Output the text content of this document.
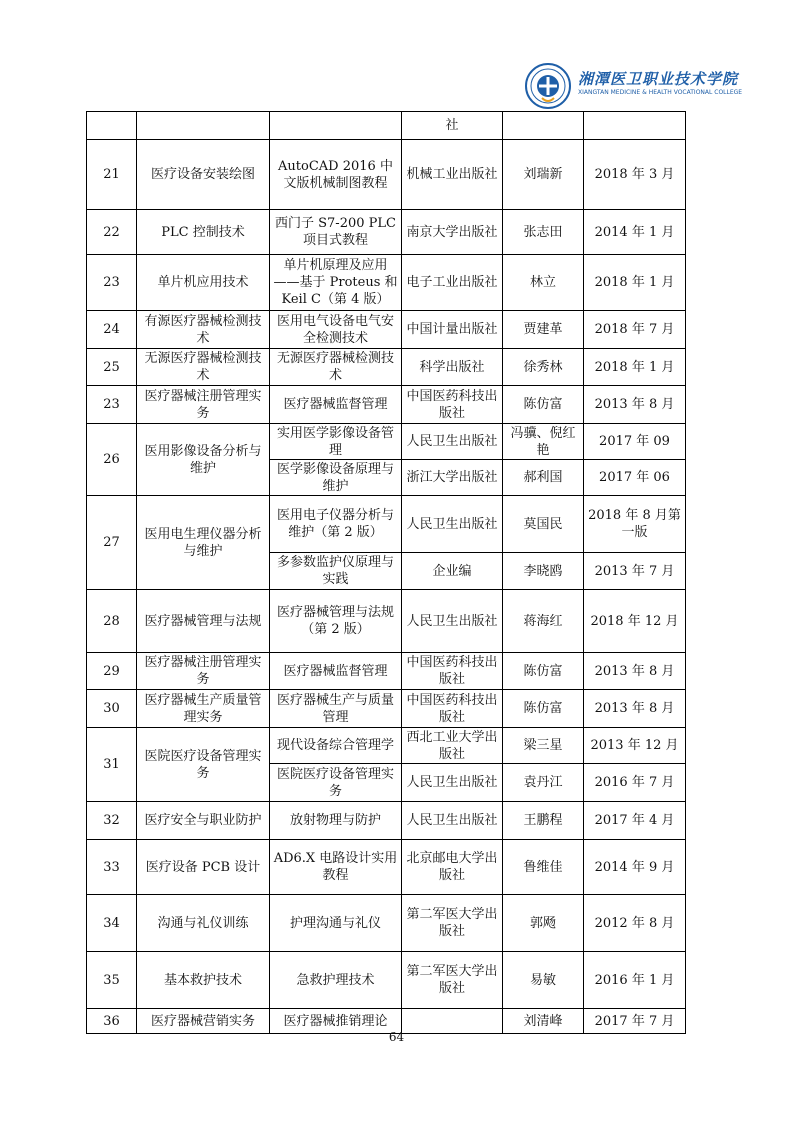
湘潭医卫职业技术学院
XIANGTAN MEDICINE & HEALTH VOCATIONAL COLLEGE
			社		
21	医疗设备安装绘图	AutoCAD 2016 中文版机械制图教程	机械工业出版社	刘瑞新	2018 年 3 月
22	PLC 控制技术	西门子 S7-200 PLC 项目式教程	南京大学出版社	张志田	2014 年 1 月
23	单片机应用技术	单片机原理及应用——基于 Proteus 和 Keil C（第 4 版）	电子工业出版社	林立	2018 年 1 月
24	有源医疗器械检测技术	医用电气设备电气安全检测技术	中国计量出版社	贾建革	2018 年 7 月
25	无源医疗器械检测技术	无源医疗器械检测技术	科学出版社	徐秀林	2018 年 1 月
23	医疗器械注册管理实务	医疗器械监督管理	中国医药科技出版社	陈仿富	2013 年 8 月
26	医用影像设备分析与维护	实用医学影像设备管理	人民卫生出版社	冯骥、倪红艳	2017 年 09
		医学影像设备原理与维护	浙江大学出版社	郝利国	2017 年 06
27	医用电生理仪器分析与维护	医用电子仪器分析与维护（第 2 版）	人民卫生出版社	莫国民	2018 年 8 月第一版
		多参数监护仪原理与实践	企业编	李晓鸥	2013 年 7 月
28	医疗器械管理与法规	医疗器械管理与法规（第 2 版）	人民卫生出版社	蒋海红	2018 年 12 月
29	医疗器械注册管理实务	医疗器械监督管理	中国医药科技出版社	陈仿富	2013 年 8 月
30	医疗器械生产质量管理实务	医疗器械生产与质量管理	中国医药科技出版社	陈仿富	2013 年 8 月
31	医院医疗设备管理实务	现代设备综合管理学	西北工业大学出版社	梁三星	2013 年 12 月
		医院医疗设备管理实务	人民卫生出版社	袁丹江	2016 年 7 月
32	医疗安全与职业防护	放射物理与防护	人民卫生出版社	王鹏程	2017 年 4 月
33	医疗设备 PCB 设计	AD6.X 电路设计实用教程	北京邮电大学出版社	鲁维佳	2014 年 9 月
34	沟通与礼仪训练	护理沟通与礼仪	第二军医大学出版社	郭飏	2012 年 8 月
35	基本救护技术	急救护理技术	第二军医大学出版社	易敏	2016 年 1 月
36	医疗器械营销实务	医疗器械推销理论		刘清峰	2017 年 7 月
64
